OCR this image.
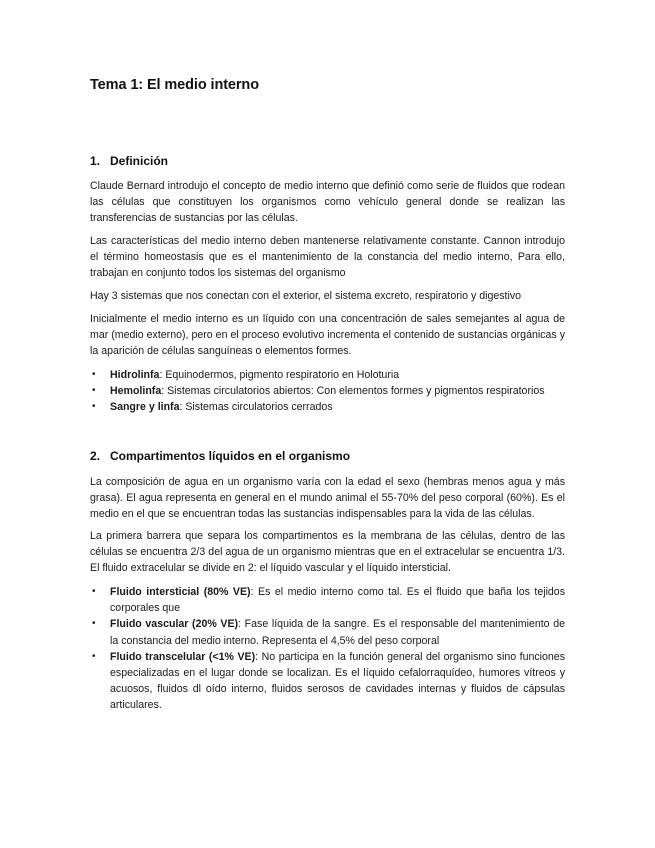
Tema 1: El medio interno
1. Definición

Claude Bernard introdujo el concepto de medio interno que definió como serie de fluidos que rodean las células que constituyen los organismos como vehículo general donde se realizan las transferencias de sustancias por las células.

Las características del medio interno deben mantenerse relativamente constante. Cannon introdujo el término homeostasis que es el mantenimiento de la constancia del medio interno, Para ello, trabajan en conjunto todos los sistemas del organismo

Hay 3 sistemas que nos conectan con el exterior, el sistema excreto, respiratorio y digestivo

Inicialmente el medio interno es un líquido con una concentración de sales semejantes al agua de mar (medio externo), pero en el proceso evolutivo incrementa el contenido de sustancias orgánicas y la aparición de células sanguíneas o elementos formes.

• Hidrolinfa: Equinodermos, pigmento respiratorio en Holoturia
• Hemolinfa: Sistemas circulatorios abiertos: Con elementos formes y pigmentos respiratorios
• Sangre y linfa: Sistemas circulatorios cerrados
2. Compartimentos líquidos en el organismo

La composición de agua en un organismo varía con la edad el sexo (hembras menos agua y más grasa). El agua representa en general en el mundo animal el 55-70% del peso corporal (60%). Es el medio en el que se encuentran todas las sustancias indispensables para la vida de las células.

La primera barrera que separa los compartimentos es la membrana de las células, dentro de las células se encuentra 2/3 del agua de un organismo mientras que en el extracelular se encuentra 1/3. El fluido extracelular se divide en 2: el líquido vascular y el líquido intersticial.

• Fluido intersticial (80% VE): Es el medio interno como tal. Es el fluido que baña los tejidos corporales que
• Fluido vascular (20% VE): Fase líquida de la sangre. Es el responsable del mantenimiento de la constancia del medio interno. Representa el 4,5% del peso corporal
• Fluido transcelular (<1% VE): No participa en la función general del organismo sino funciones especializadas en el lugar donde se localizan. Es el líquido cefalorraquídeo, humores vítreos y acuosos, fluidos dl oído interno, fluidos serosos de cavidades internas y fluidos de cápsulas articulares.
